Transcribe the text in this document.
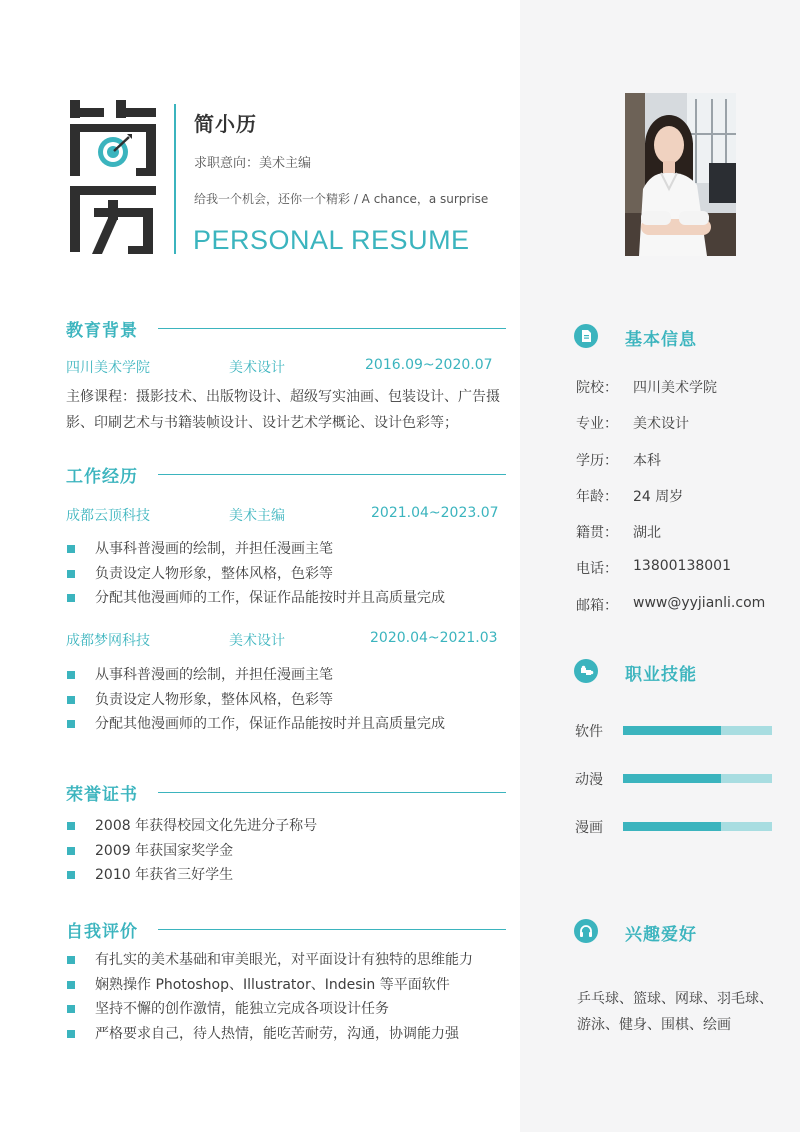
简小历
求职意向：美术主编
给我一个机会，还你一个精彩 / A chance，a surprise
PERSONAL RESUME
教育背景
四川美术学院	美术设计	2016.09~2020.07
主修课程：摄影技术、出版物设计、超级写实油画、包装设计、广告摄影、印刷艺术与书籍装帧设计、设计艺术学概论、设计色彩等；
工作经历
成都云顶科技	美术主编	2021.04~2023.07
从事科普漫画的绘制，并担任漫画主笔
负责设定人物形象，整体风格，色彩等
分配其他漫画师的工作，保证作品能按时并且高质量完成
成都梦网科技	美术设计	2020.04~2021.03
从事科普漫画的绘制，并担任漫画主笔
负责设定人物形象，整体风格，色彩等
分配其他漫画师的工作，保证作品能按时并且高质量完成
荣誉证书
2008 年获得校园文化先进分子称号
2009 年获国家奖学金
2010 年获省三好学生
自我评价
有扎实的美术基础和审美眼光，对平面设计有独特的思维能力
娴熟操作 Photoshop、Illustrator、Indesin 等平面软件
坚持不懈的创作激情，能独立完成各项设计任务
严格要求自己，待人热情，能吃苦耐劳，沟通，协调能力强
基本信息
院校： 四川美术学院
专业： 美术设计
学历： 本科
年龄： 24 周岁
籍贯： 湖北
电话： 13800138001
邮箱： www@yyjianli.com
职业技能
软件
动漫
漫画
兴趣爱好
乒乓球、篮球、网球、羽毛球、游泳、健身、围棋、绘画
